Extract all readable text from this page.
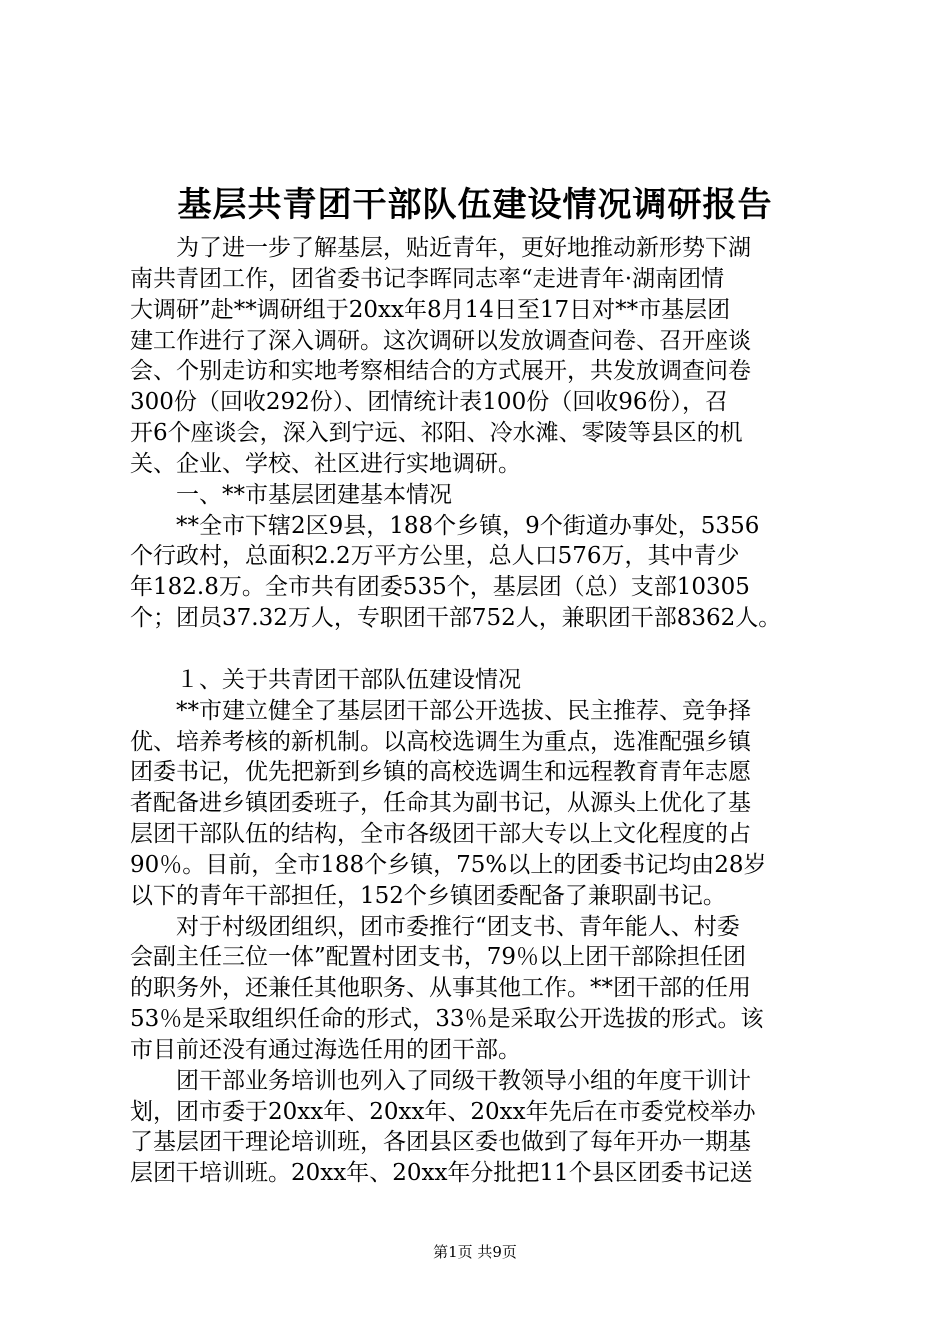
基层共青团干部队伍建设情况调研报告
为了进一步了解基层，贴近青年，更好地推动新形势下湖
南共青团工作，团省委书记李晖同志率“走进青年·湖南团情
大调研”赴**调研组于20xx年8月14日至17日对**市基层团
建工作进行了深入调研。这次调研以发放调查问卷、召开座谈
会、个别走访和实地考察相结合的方式展开，共发放调查问卷
300份（回收292份）、团情统计表100份（回收96份），召
开6个座谈会，深入到宁远、祁阳、冷水滩、零陵等县区的机
关、企业、学校、社区进行实地调研。
一、**市基层团建基本情况
**全市下辖2区9县，188个乡镇，9个街道办事处，5356
个行政村，总面积2.2万平方公里，总人口576万，其中青少
年182.8万。全市共有团委535个，基层团（总）支部10305
个；团员37.32万人，专职团干部752人，兼职团干部8362人。
１、关于共青团干部队伍建设情况
**市建立健全了基层团干部公开选拔、民主推荐、竞争择
优、培养考核的新机制。以高校选调生为重点，选准配强乡镇
团委书记，优先把新到乡镇的高校选调生和远程教育青年志愿
者配备进乡镇团委班子，任命其为副书记，从源头上优化了基
层团干部队伍的结构，全市各级团干部大专以上文化程度的占
90％。目前，全市188个乡镇，75%以上的团委书记均由28岁
以下的青年干部担任，152个乡镇团委配备了兼职副书记。
对于村级团组织，团市委推行“团支书、青年能人、村委
会副主任三位一体”配置村团支书，79％以上团干部除担任团
的职务外，还兼任其他职务、从事其他工作。**团干部的任用
53％是采取组织任命的形式，33％是采取公开选拔的形式。该
市目前还没有通过海选任用的团干部。
团干部业务培训也列入了同级干教领导小组的年度干训计
划，团市委于20xx年、20xx年、20xx年先后在市委党校举办
了基层团干理论培训班，各团县区委也做到了每年开办一期基
层团干培训班。20xx年、20xx年分批把11个县区团委书记送
第1页 共9页
